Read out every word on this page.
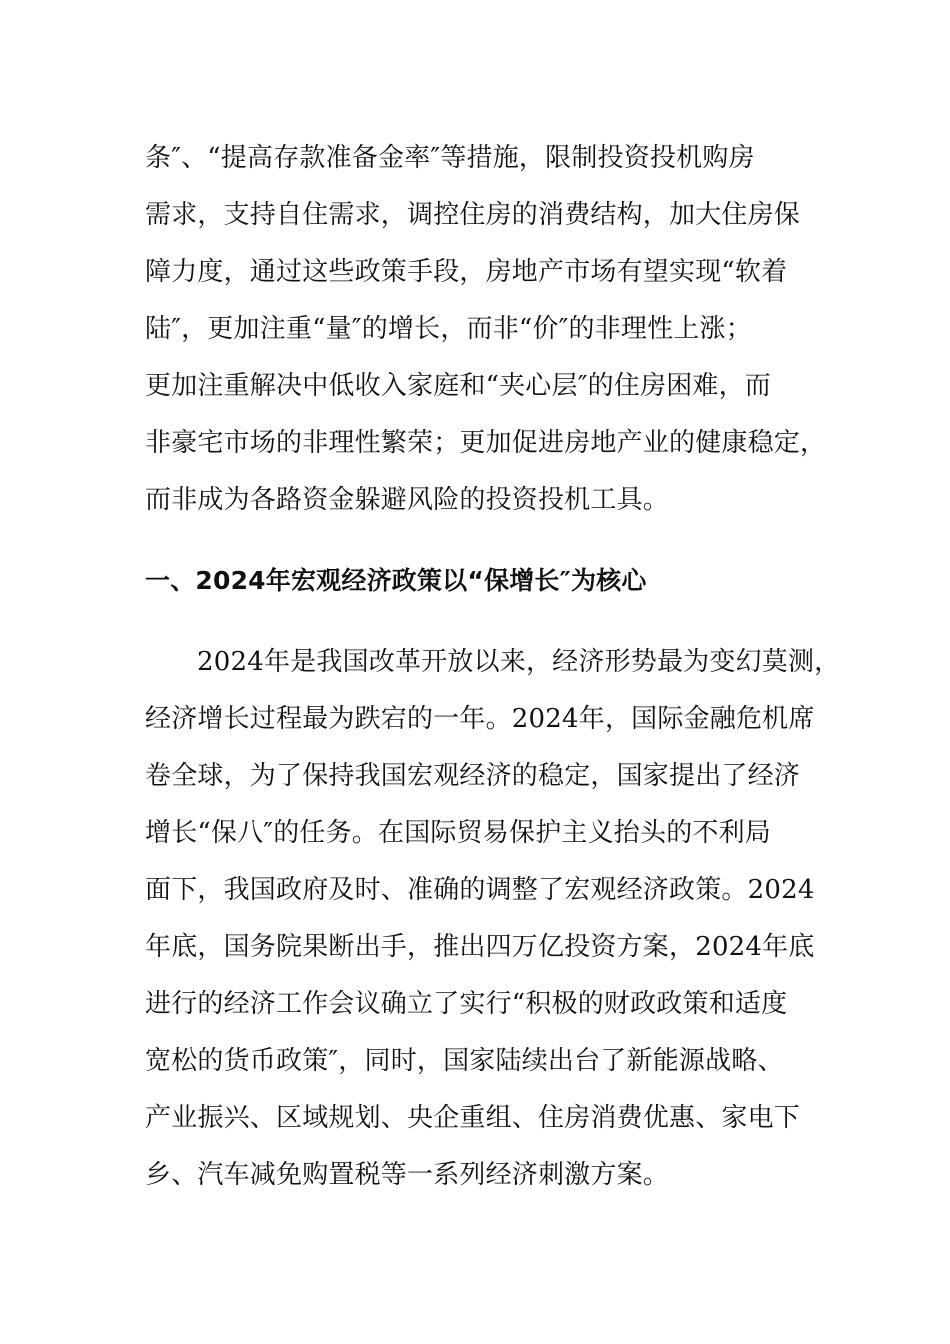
条″、“提高存款准备金率″等措施，限制投资投机购房
需求，支持自住需求，调控住房的消费结构，加大住房保
障力度，通过这些政策手段，房地产市场有望实现“软着
陆″，更加注重“量″的增长，而非“价″的非理性上涨；
更加注重解决中低收入家庭和“夹心层″的住房困难，而
非豪宅市场的非理性繁荣；更加促进房地产业的健康稳定，
而非成为各路资金躲避风险的投资投机工具。
一、2024年宏观经济政策以“保增长″为核心
2024年是我国改革开放以来，经济形势最为变幻莫测，
经济增长过程最为跌宕的一年。2024年，国际金融危机席
卷全球，为了保持我国宏观经济的稳定，国家提出了经济
增长“保八″的任务。在国际贸易保护主义抬头的不利局
面下，我国政府及时、准确的调整了宏观经济政策。2024
年底，国务院果断出手，推出四万亿投资方案，2024年底
进行的经济工作会议确立了实行“积极的财政政策和适度
宽松的货币政策″，同时，国家陆续出台了新能源战略、
产业振兴、区域规划、央企重组、住房消费优惠、家电下
乡、汽车减免购置税等一系列经济刺激方案。
